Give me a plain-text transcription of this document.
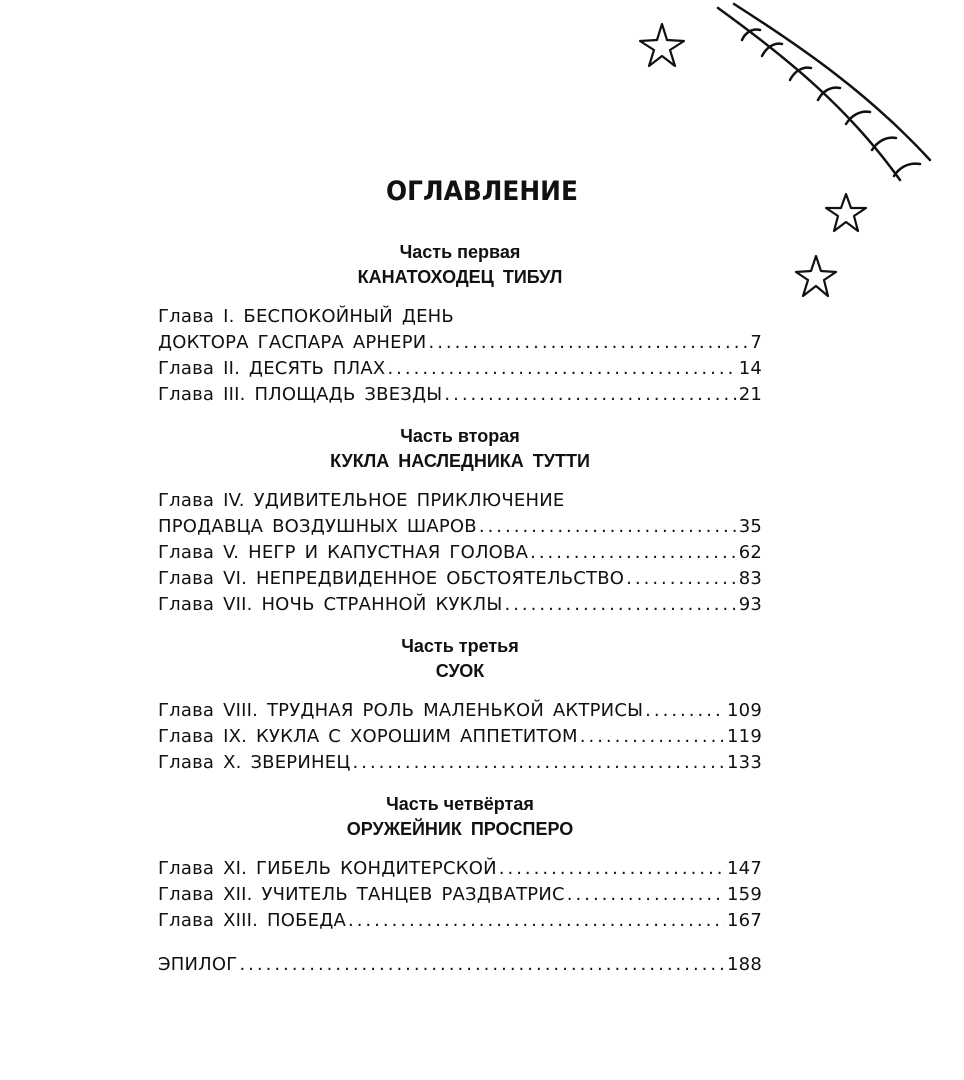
ОГЛАВЛЕНИЕ
Часть первая
КАНАТОХОДЕЦ ТИБУЛ
Глава I. БЕСПОКОЙНЫЙ ДЕНЬ
ДОКТОРА ГАСПАРА АРНЕРИ .....	7
Глава II. ДЕСЯТЬ ПЛАХ .....	14
Глава III. ПЛОЩАДЬ ЗВЕЗДЫ .....	21
Часть вторая
КУКЛА НАСЛЕДНИКА ТУТТИ
Глава IV. УДИВИТЕЛЬНОЕ ПРИКЛЮЧЕНИЕ
ПРОДАВЦА ВОЗДУШНЫХ ШАРОВ .....	35
Глава V. НЕГР И КАПУСТНАЯ ГОЛОВА .....	62
Глава VI. НЕПРЕДВИДЕННОЕ ОБСТОЯТЕЛЬСТВО .....	83
Глава VII. НОЧЬ СТРАННОЙ КУКЛЫ .....	93
Часть третья
СУОК
Глава VIII. ТРУДНАЯ РОЛЬ МАЛЕНЬКОЙ АКТРИСЫ .....	109
Глава IX. КУКЛА С ХОРОШИМ АППЕТИТОМ .....	119
Глава X. ЗВЕРИНЕЦ .....	133
Часть четвёртая
ОРУЖЕЙНИК ПРОСПЕРО
Глава XI. ГИБЕЛЬ КОНДИТЕРСКОЙ .....	147
Глава XII. УЧИТЕЛЬ ТАНЦЕВ РАЗДВАТРИС .....	159
Глава XIII. ПОБЕДА .....	167
ЭПИЛОГ .....	188
